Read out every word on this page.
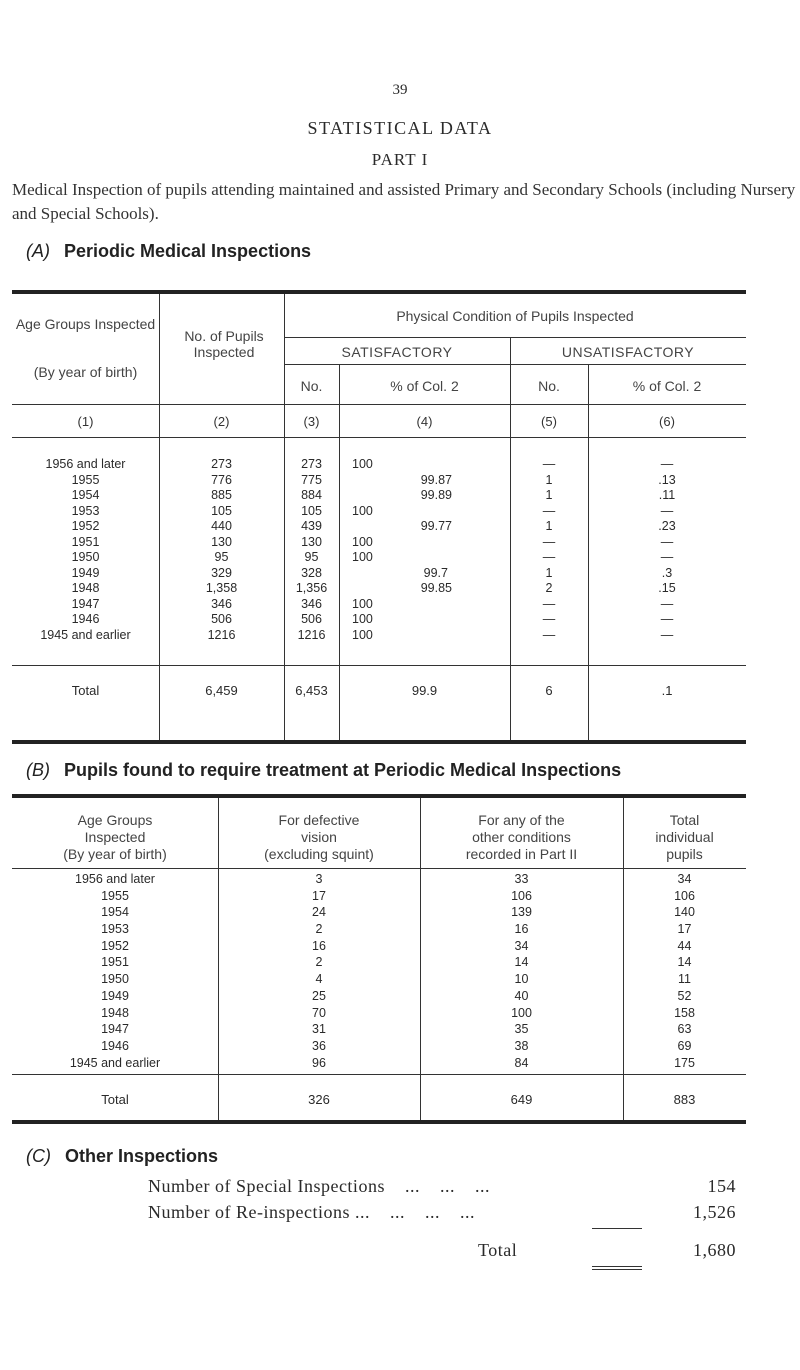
39
STATISTICAL DATA
PART I
Medical Inspection of pupils attending maintained and assisted Primary and Secondary Schools (including Nursery and Special Schools).
(A) Periodic Medical Inspections
Age Groups Inspected
(By year of birth)
No. of Pupils Inspected
Physical Condition of Pupils Inspected
SATISFACTORY	UNSATISFACTORY
No.	% of Col. 2	No.	% of Col. 2
(1)	(2)	(3)	(4)	(5)	(6)
1956 and later	273	273	100	—	—
1955	776	775	99.87	1	.13
1954	885	884	99.89	1	.11
1953	105	105	100	—	—
1952	440	439	99.77	1	.23
1951	130	130	100	—	—
1950	95	95	100	—	—
1949	329	328	99.7	1	.3
1948	1,358	1,356	99.85	2	.15
1947	346	346	100	—	—
1946	506	506	100	—	—
1945 and earlier	1216	1216	100	—	—
Total	6,459	6,453	99.9	6	.1
(B) Pupils found to require treatment at Periodic Medical Inspections
Age Groups
Inspected
(By year of birth)
For defective
vision
(excluding squint)
For any of the
other conditions
recorded in Part II
Total
individual
pupils
1956 and later	3	33	34
1955	17	106	106
1954	24	139	140
1953	2	16	17
1952	16	34	44
1951	2	14	14
1950	4	10	11
1949	25	40	52
1948	70	100	158
1947	31	35	63
1946	36	38	69
1945 and earlier	96	84	175
Total	326	649	883
(C) Other Inspections
Number of Special Inspections    ...    ...    ...	154
Number of Re-inspections ...    ...    ...    ...	1,526
Total	1,680
